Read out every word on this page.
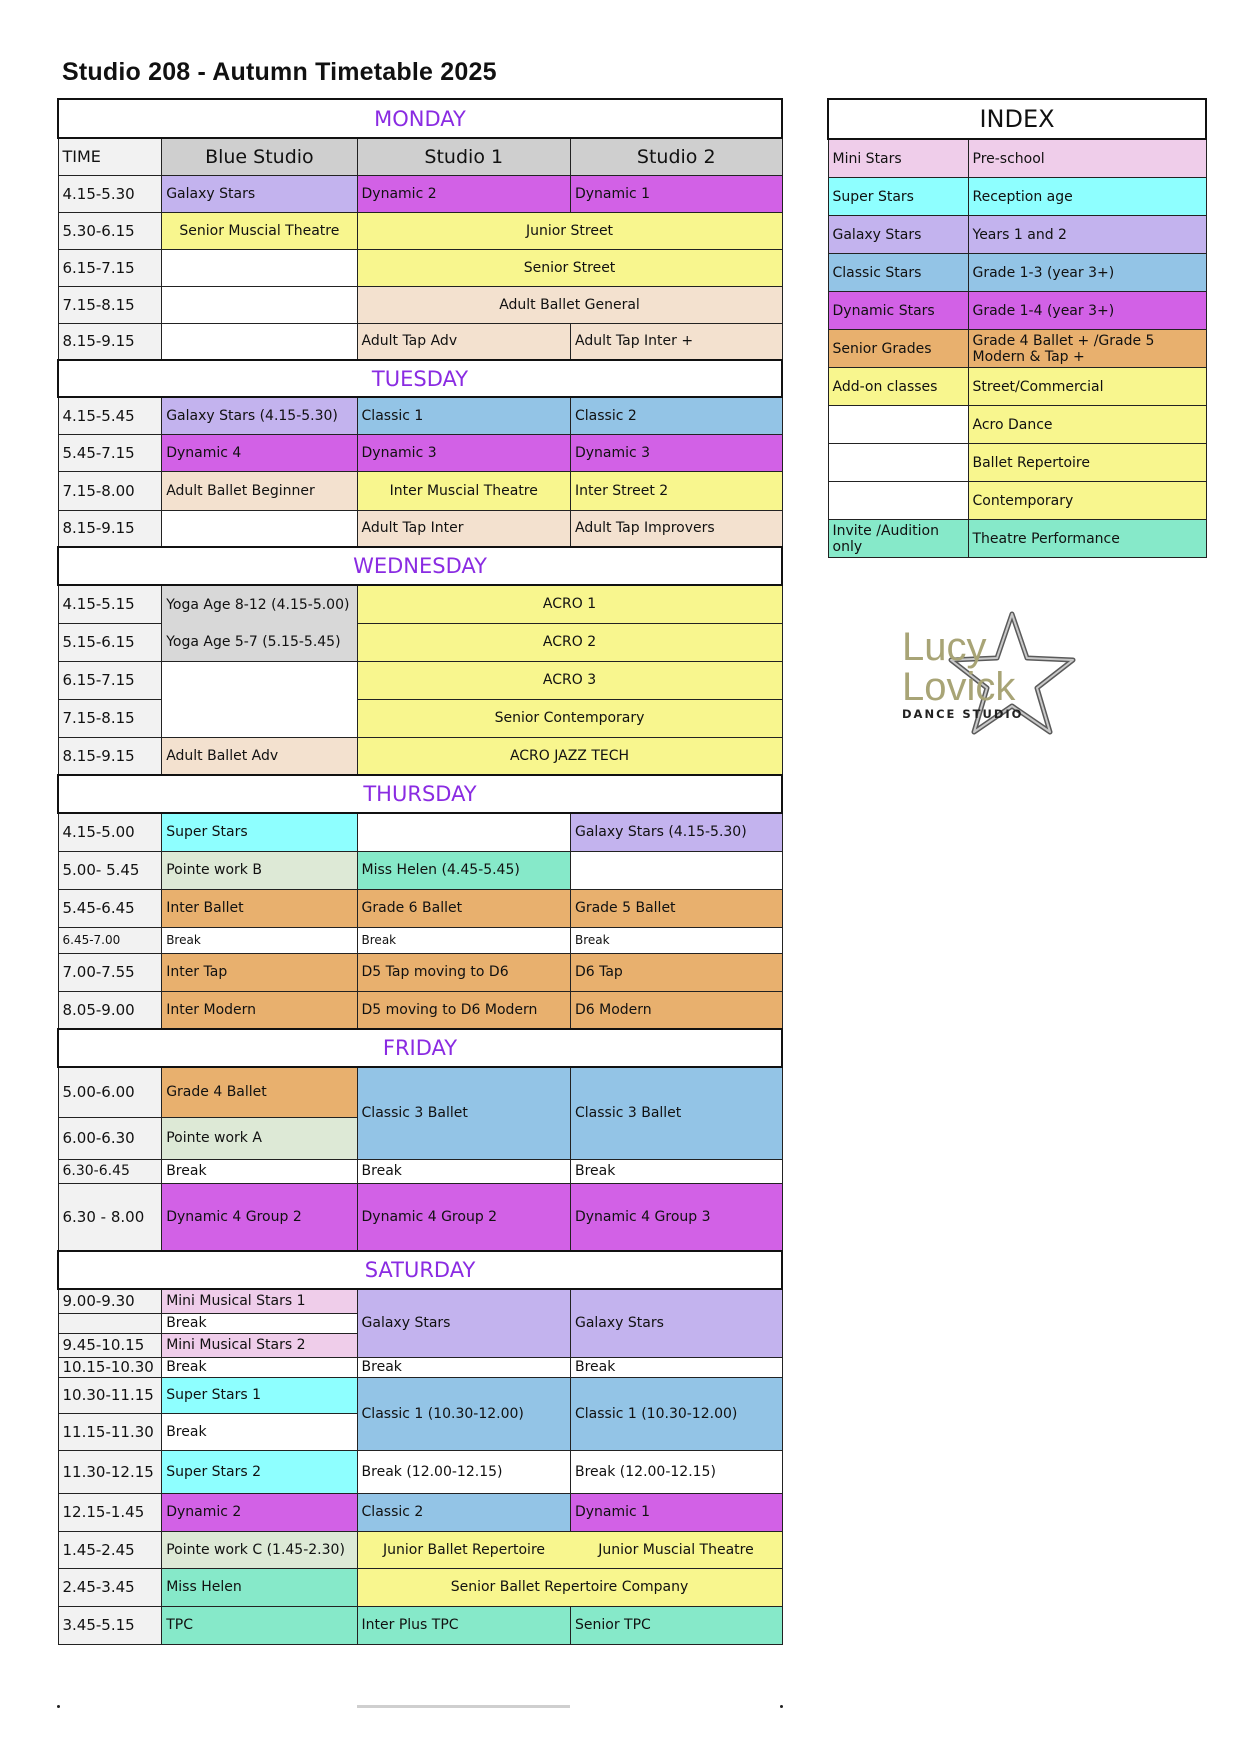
Studio 208 - Autumn Timetable 2025
MONDAY			
TIME	Blue Studio	Studio 1	Studio 2
4.15-5.30	Galaxy Stars	Dynamic 2	Dynamic 1
5.30-6.15	Senior Muscial Theatre	Junior Street	
6.15-7.15		Senior Street	
7.15-8.15		Adult Ballet General	
8.15-9.15		Adult Tap Adv	Adult Tap Inter +
TUESDAY			
4.15-5.45	Galaxy Stars (4.15-5.30)	Classic 1	Classic 2
5.45-7.15	Dynamic 4	Dynamic 3	Dynamic 3
7.15-8.00	Adult Ballet Beginner	Inter Muscial Theatre	Inter Street 2
8.15-9.15		Adult Tap Inter	Adult Tap Improvers
WEDNESDAY			
4.15-5.15	Yoga Age 8-12 (4.15-5.00)	ACRO 1	
5.15-6.15	Yoga Age 5-7 (5.15-5.45)	ACRO 2	
6.15-7.15		ACRO 3	
7.15-8.15		Senior Contemporary	
8.15-9.15	Adult Ballet Adv	ACRO JAZZ TECH	
THURSDAY			
4.15-5.00	Super Stars		Galaxy Stars (4.15-5.30)
5.00- 5.45	Pointe work B	Miss Helen (4.45-5.45)	
5.45-6.45	Inter Ballet	Grade 6 Ballet	Grade 5 Ballet
6.45-7.00	Break	Break	Break
7.00-7.55	Inter Tap	D5 Tap moving to D6	D6 Tap
8.05-9.00	Inter Modern	D5 moving to D6 Modern	D6 Modern
FRIDAY			
5.00-6.00	Grade 4 Ballet	Classic 3 Ballet	Classic 3 Ballet
6.00-6.30	Pointe work A		
6.30-6.45	Break	Break	Break
6.30 - 8.00	Dynamic 4 Group 2	Dynamic 4 Group 2	Dynamic 4 Group 3
SATURDAY			
9.00-9.30	Mini Musical Stars 1	Galaxy Stars	Galaxy Stars
	Break		
9.45-10.15	Mini Musical Stars 2		
10.15-10.30	Break	Break	Break
10.30-11.15	Super Stars 1	Classic 1 (10.30-12.00)	Classic 1 (10.30-12.00)
11.15-11.30	Break		
11.30-12.15	Super Stars 2	Break (12.00-12.15)	Break (12.00-12.15)
12.15-1.45	Dynamic 2	Classic 2	Dynamic 1
1.45-2.45	Pointe work C (1.45-2.30)	Junior Ballet Repertoire	Junior Muscial Theatre
2.45-3.45	Miss Helen	Senior Ballet Repertoire Company	
3.45-5.15	TPC	Inter Plus TPC	Senior TPC
INDEX	
Mini Stars	Pre-school
Super Stars	Reception age
Galaxy Stars	Years 1 and 2
Classic Stars	Grade 1-3 (year 3+)
Dynamic Stars	Grade 1-4 (year 3+)
Senior Grades	Grade 4 Ballet + /Grade 5 Modern & Tap +
Add-on classes	Street/Commercial
	Acro Dance
	Ballet Repertoire
	Contemporary
Invite /Audition only	Theatre Performance
Lucy
Lovick
DANCE STUDIO
